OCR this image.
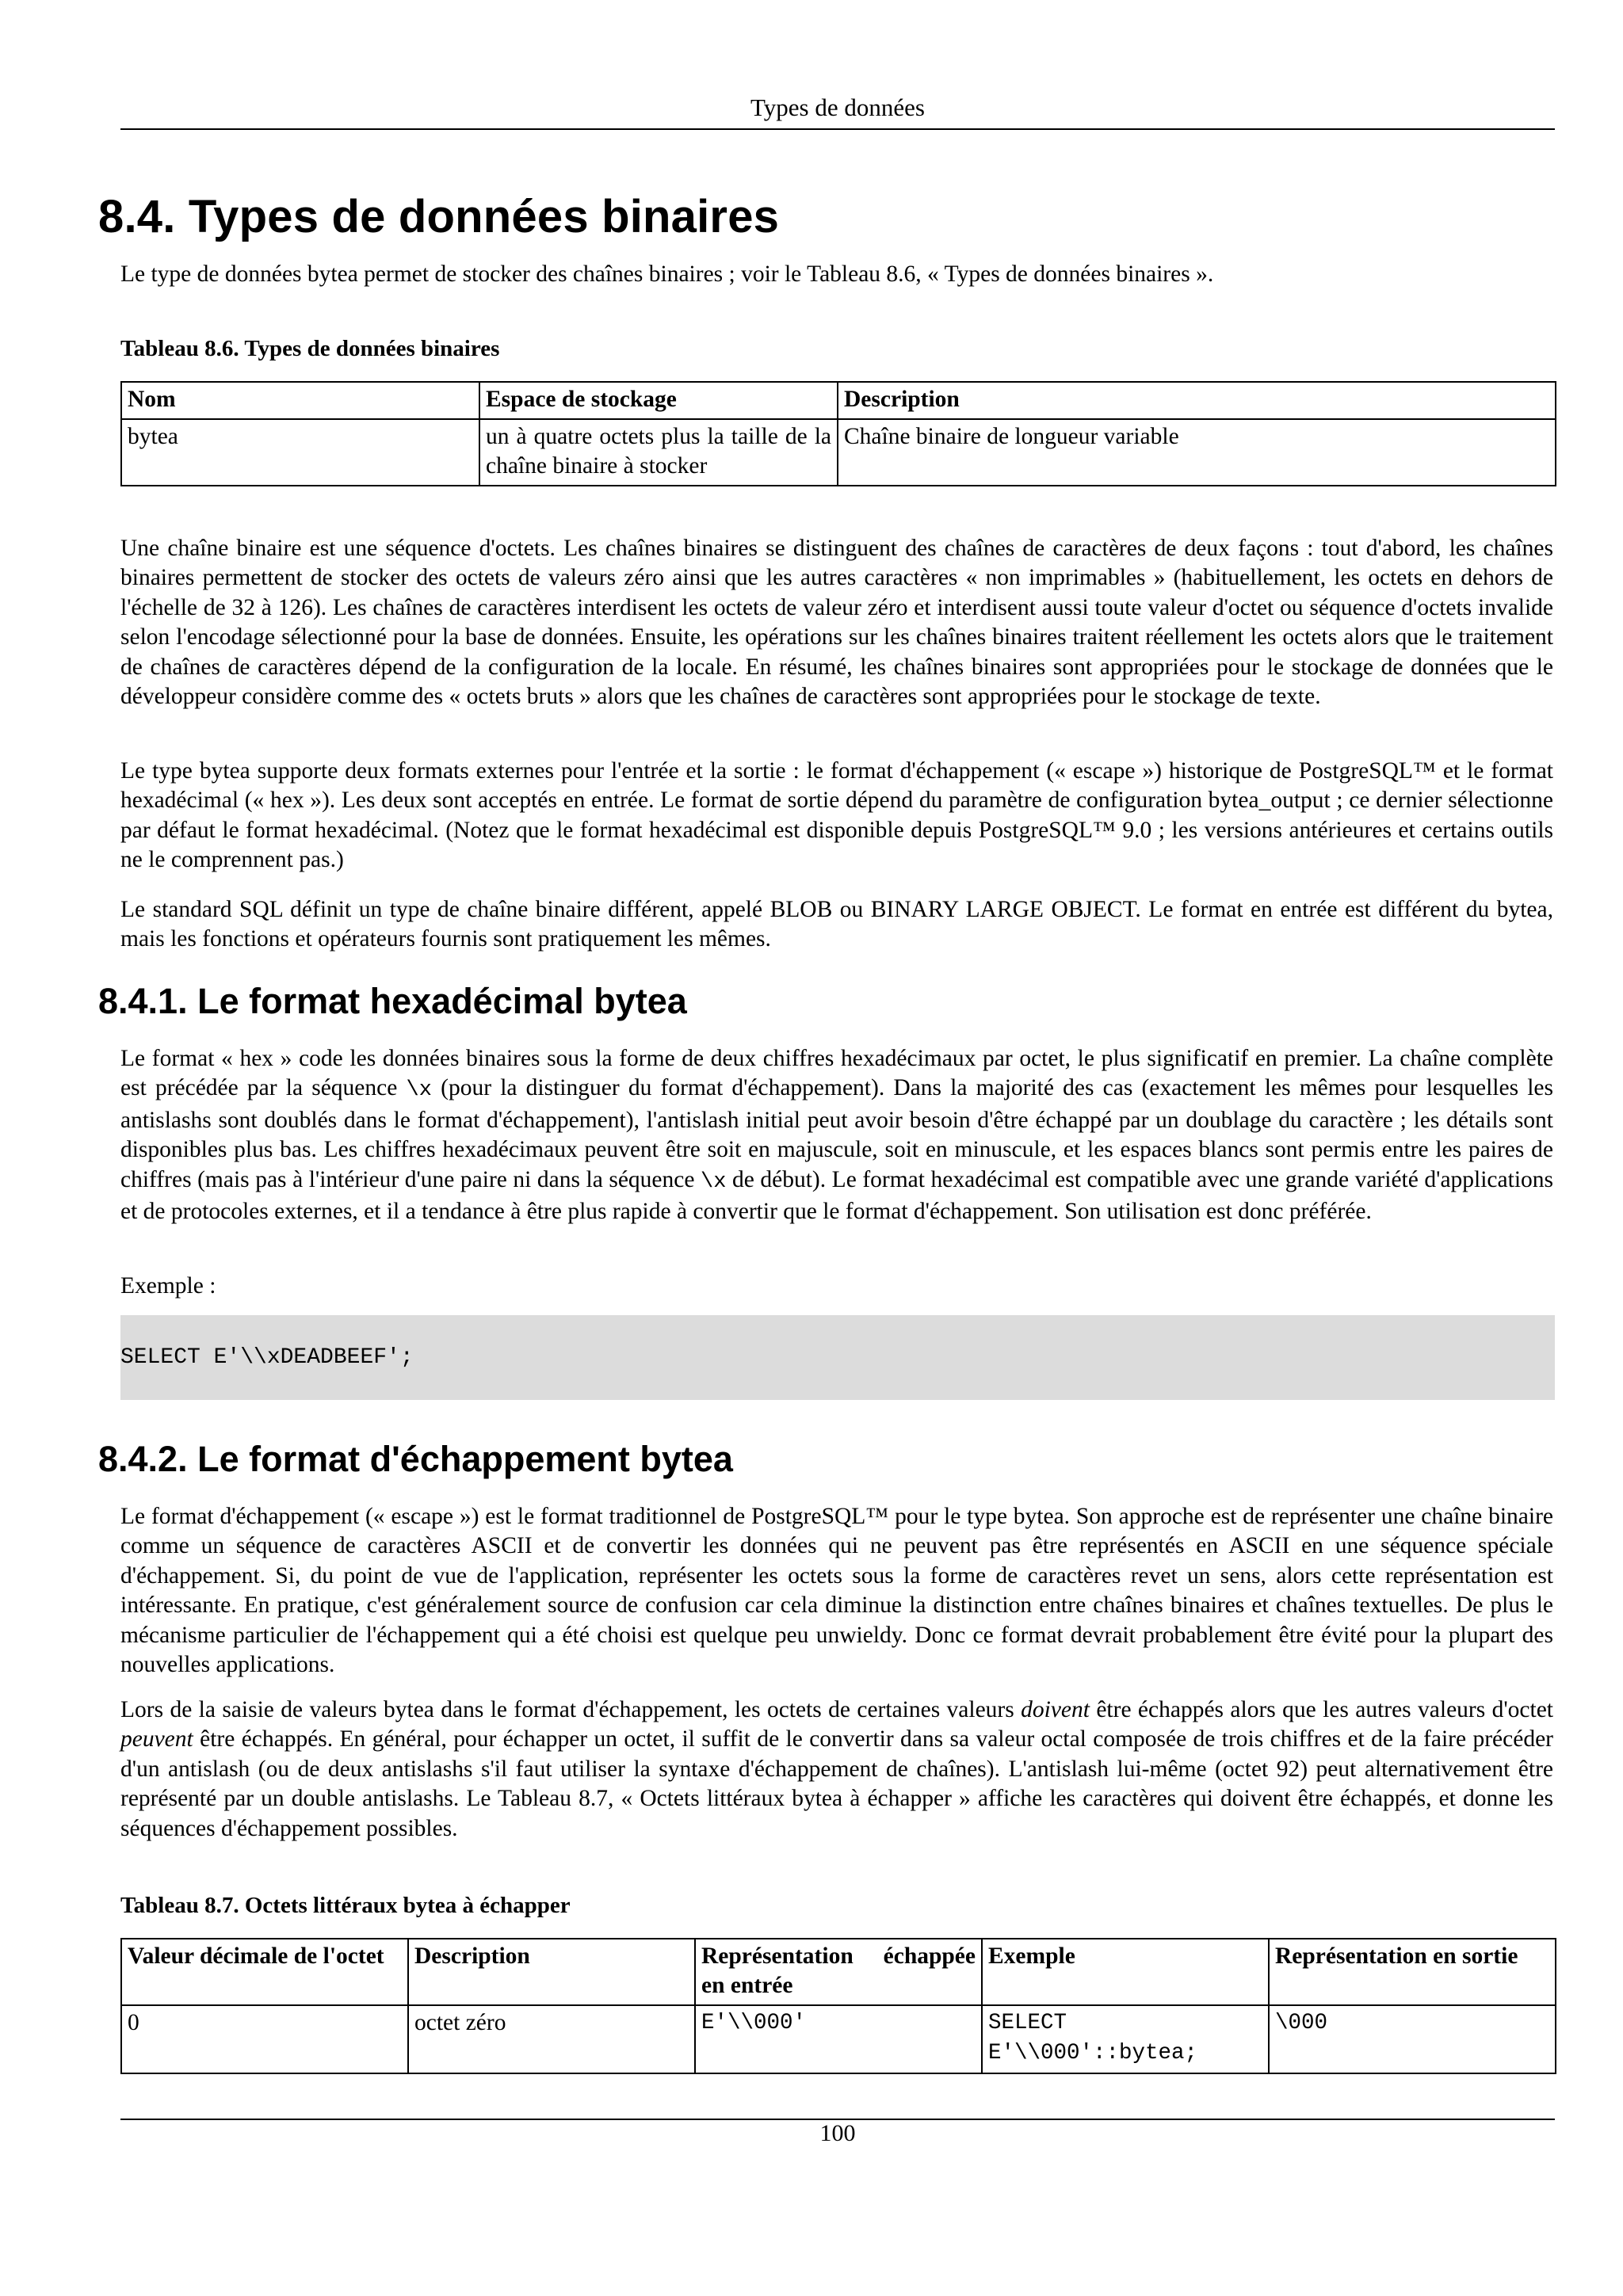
Types de données
8.4. Types de données binaires

Le type de données bytea permet de stocker des chaînes binaires ; voir le Tableau 8.6, « Types de données binaires ».

Tableau 8.6. Types de données binaires

Nom	Espace de stockage	Description
bytea	un à quatre octets plus la taille de la chaîne binaire à stocker	Chaîne binaire de longueur variable

Une chaîne binaire est une séquence d'octets. Les chaînes binaires se distinguent des chaînes de caractères de deux façons : tout d'abord, les chaînes binaires permettent de stocker des octets de valeurs zéro ainsi que les autres caractères « non imprimables » (habituellement, les octets en dehors de l'échelle de 32 à 126). Les chaînes de caractères interdisent les octets de valeur zéro et interdisent aussi toute valeur d'octet ou séquence d'octets invalide selon l'encodage sélectionné pour la base de données. Ensuite, les opérations sur les chaînes binaires traitent réellement les octets alors que le traitement de chaînes de caractères dépend de la configuration de la locale. En résumé, les chaînes binaires sont appropriées pour le stockage de données que le développeur considère comme des « octets bruts » alors que les chaînes de caractères sont appropriées pour le stockage de texte.

Le type bytea supporte deux formats externes pour l'entrée et la sortie : le format d'échappement (« escape ») historique de PostgreSQL™ et le format hexadécimal (« hex »). Les deux sont acceptés en entrée. Le format de sortie dépend du paramètre de configuration bytea_output ; ce dernier sélectionne par défaut le format hexadécimal. (Notez que le format hexadécimal est disponible depuis PostgreSQL™ 9.0 ; les versions antérieures et certains outils ne le comprennent pas.)

Le standard SQL définit un type de chaîne binaire différent, appelé BLOB ou BINARY LARGE OBJECT. Le format en entrée est différent du bytea, mais les fonctions et opérateurs fournis sont pratiquement les mêmes.

8.4.1. Le format hexadécimal bytea

Le format « hex » code les données binaires sous la forme de deux chiffres hexadécimaux par octet, le plus significatif en premier. La chaîne complète est précédée par la séquence \x (pour la distinguer du format d'échappement). Dans la majorité des cas (exactement les mêmes pour lesquelles les antislashs sont doublés dans le format d'échappement), l'antislash initial peut avoir besoin d'être échappé par un doublage du caractère ; les détails sont disponibles plus bas. Les chiffres hexadécimaux peuvent être soit en majuscule, soit en minuscule, et les espaces blancs sont permis entre les paires de chiffres (mais pas à l'intérieur d'une paire ni dans la séquence \x de début). Le format hexadécimal est compatible avec une grande variété d'applications et de protocoles externes, et il a tendance à être plus rapide à convertir que le format d'échappement. Son utilisation est donc préférée.

Exemple :

SELECT E'\\xDEADBEEF';
8.4.2. Le format d'échappement bytea

Le format d'échappement (« escape ») est le format traditionnel de PostgreSQL™ pour le type bytea. Son approche est de représenter une chaîne binaire comme un séquence de caractères ASCII et de convertir les données qui ne peuvent pas être représentés en ASCII en une séquence spéciale d'échappement. Si, du point de vue de l'application, représenter les octets sous la forme de caractères revet un sens, alors cette représentation est intéressante. En pratique, c'est généralement source de confusion car cela diminue la distinction entre chaînes binaires et chaînes textuelles. De plus le mécanisme particulier de l'échappement qui a été choisi est quelque peu unwieldy. Donc ce format devrait probablement être évité pour la plupart des nouvelles applications.

Lors de la saisie de valeurs bytea dans le format d'échappement, les octets de certaines valeurs doivent être échappés alors que les autres valeurs d'octet peuvent être échappés. En général, pour échapper un octet, il suffit de le convertir dans sa valeur octal composée de trois chiffres et de la faire précéder d'un antislash (ou de deux antislashs s'il faut utiliser la syntaxe d'échappement de chaînes). L'antislash lui-même (octet 92) peut alternativement être représenté par un double antislashs. Le Tableau 8.7, « Octets littéraux bytea à échapper » affiche les caractères qui doivent être échappés, et donne les séquences d'échappement possibles.

Tableau 8.7. Octets littéraux bytea à échapper

Valeur décimale de l'octet	Description	Représentation échappée en entrée	Exemple	Représentation en sortie
0	octet zéro	E'\\000'	SELECT E'\\000'::bytea;	\000
100
